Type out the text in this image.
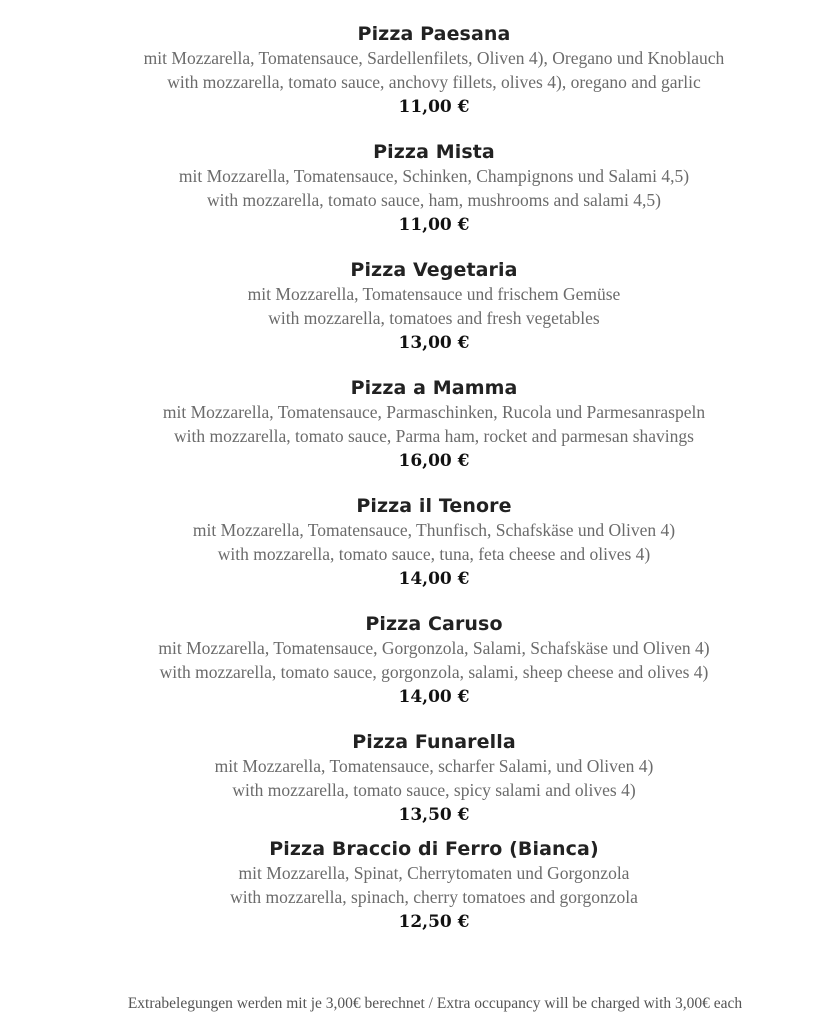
Pizza Paesana

mit Mozzarella, Tomatensauce, Sardellenfilets, Oliven 4), Oregano und Knoblauch

with mozzarella, tomato sauce, anchovy fillets, olives 4), oregano and garlic

11,00 €

Pizza Mista

mit Mozzarella, Tomatensauce, Schinken, Champignons und Salami 4,5)

with mozzarella, tomato sauce, ham, mushrooms and salami 4,5)

11,00 €

Pizza Vegetaria

mit Mozzarella, Tomatensauce und frischem Gemüse

with mozzarella, tomatoes and fresh vegetables

13,00 €

Pizza a Mamma

mit Mozzarella, Tomatensauce, Parmaschinken, Rucola und Parmesanraspeln

with mozzarella, tomato sauce, Parma ham, rocket and parmesan shavings

16,00 €

Pizza il Tenore

mit Mozzarella, Tomatensauce, Thunfisch, Schafskäse und Oliven 4)

with mozzarella, tomato sauce, tuna, feta cheese and olives 4)

14,00 €

Pizza Caruso

mit Mozzarella, Tomatensauce, Gorgonzola, Salami, Schafskäse und Oliven 4)

with mozzarella, tomato sauce, gorgonzola, salami, sheep cheese and olives 4)

14,00 €

Pizza Funarella

mit Mozzarella, Tomatensauce, scharfer Salami, und Oliven 4)

with mozzarella, tomato sauce, spicy salami and olives 4)

13,50 €

Pizza Braccio di Ferro (Bianca)

mit Mozzarella, Spinat, Cherrytomaten und Gorgonzola

with mozzarella, spinach, cherry tomatoes and gorgonzola

12,50 €

Extrabelegungen werden mit je 3,00€ berechnet / Extra occupancy will be charged with 3,00€ each
